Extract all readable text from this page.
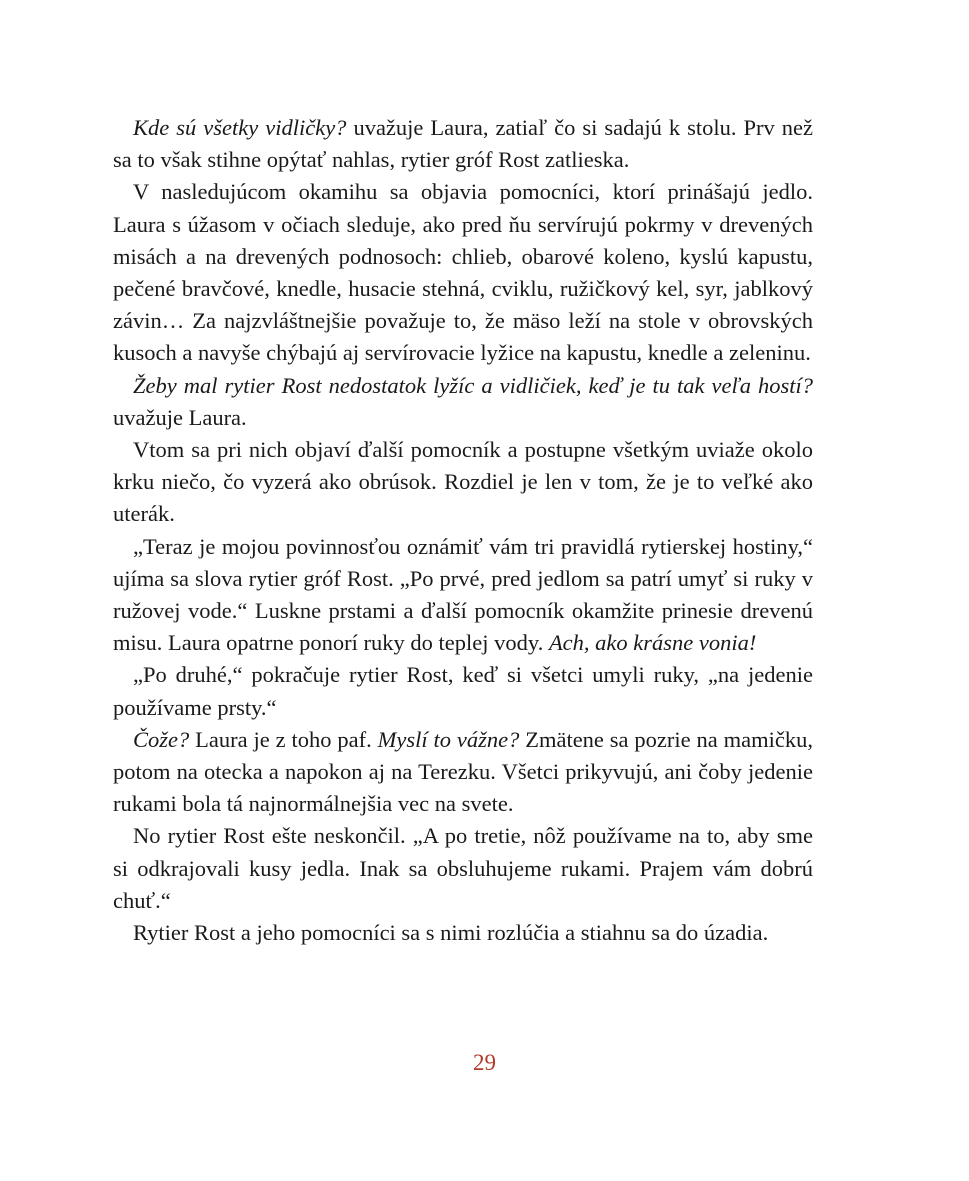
Kde sú všetky vidličky? uvažuje Laura, zatiaľ čo si sadajú k stolu. Prv než sa to však stihne opýtať nahlas, rytier gróf Rost zatlieska.

V nasledujúcom okamihu sa objavia pomocníci, ktorí prinášajú jedlo. Laura s úžasom v očiach sleduje, ako pred ňu servírujú pokrmy v drevených misách a na drevených podnosoch: chlieb, obarové koleno, kyslú kapustu, pečené bravčové, knedle, husacie stehná, cviklu, ružičkový kel, syr, jablkový závin… Za najzvláštnejšie považuje to, že mäso leží na stole v obrovských kusoch a navyše chýbajú aj servírovacie lyžice na kapustu, knedle a zeleninu.

Žeby mal rytier Rost nedostatok lyžíc a vidličiek, keď je tu tak veľa hostí? uvažuje Laura.

Vtom sa pri nich objaví ďalší pomocník a postupne všetkým uviaže okolo krku niečo, čo vyzerá ako obrúsok. Rozdiel je len v tom, že je to veľké ako uterák.

„Teraz je mojou povinnosťou oznámiť vám tri pravidlá rytierskej hostiny,“ ujíma sa slova rytier gróf Rost. „Po prvé, pred jedlom sa patrí umyť si ruky v ružovej vode.“ Luskne prstami a ďalší pomocník okamžite prinesie drevenú misu. Laura opatrne ponorí ruky do teplej vody. Ach, ako krásne vonia!

„Po druhé,“ pokračuje rytier Rost, keď si všetci umyli ruky, „na jedenie používame prsty.“

Čože? Laura je z toho paf. Myslí to vážne? Zmätene sa pozrie na mamičku, potom na otecka a napokon aj na Terezku. Všetci prikyvujú, ani čoby jedenie rukami bola tá najnormálnejšia vec na svete.

No rytier Rost ešte neskončil. „A po tretie, nôž používame na to, aby sme si odkrajovali kusy jedla. Inak sa obsluhujeme rukami. Prajem vám dobrú chuť.“

Rytier Rost a jeho pomocníci sa s nimi rozlúčia a stiahnu sa do úzadia.

29
